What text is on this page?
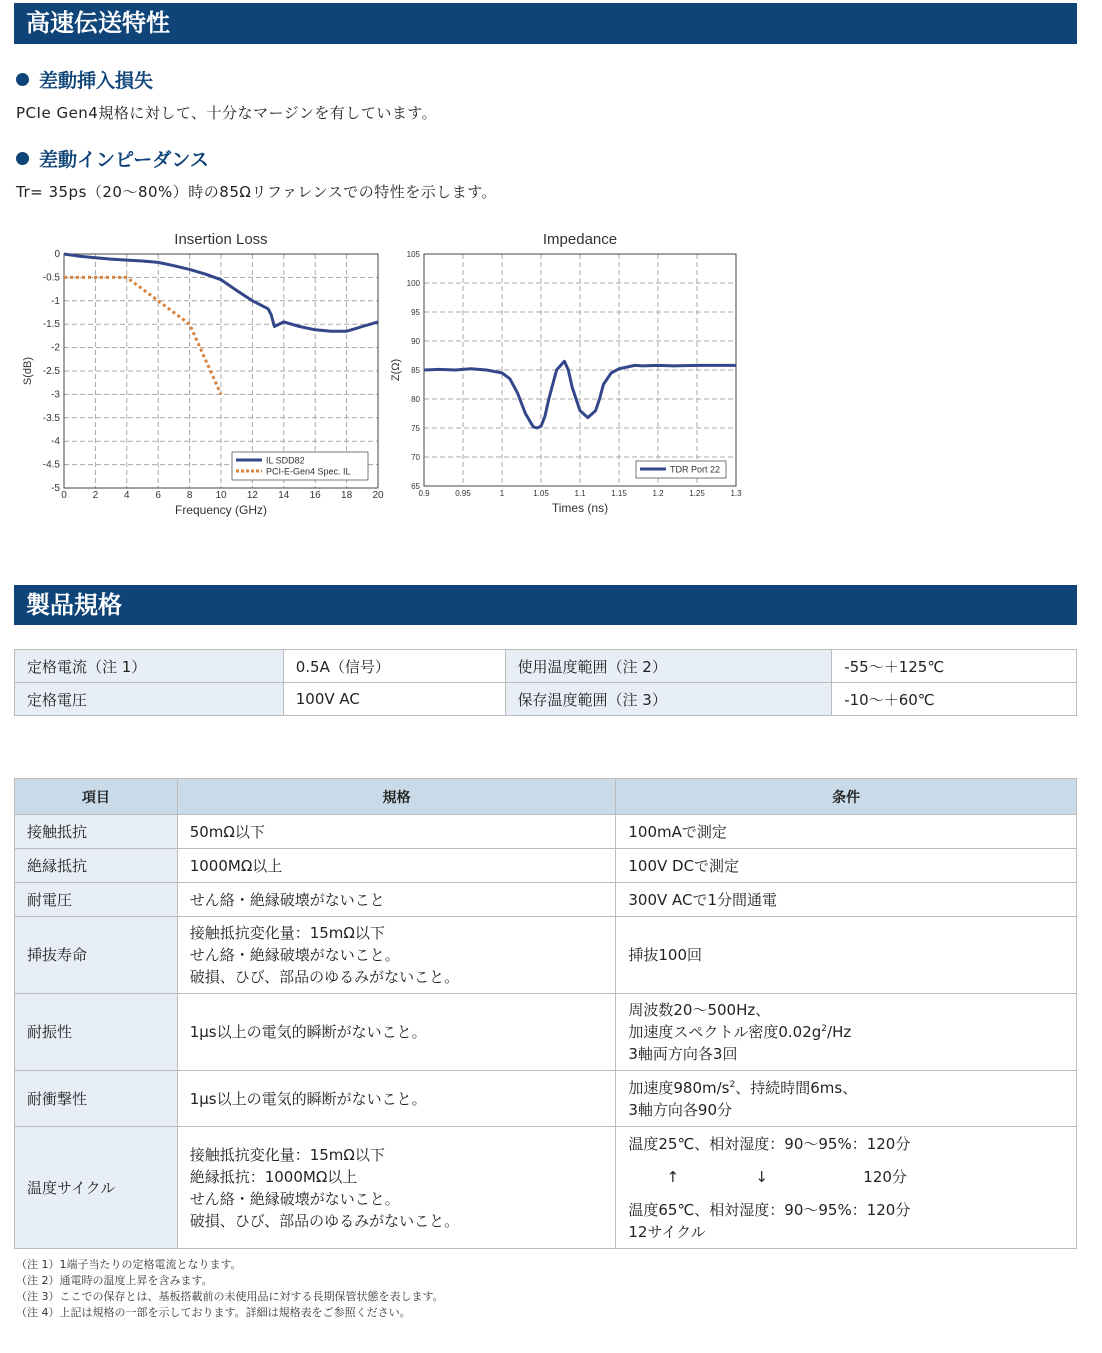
高速伝送特性
差動挿入損失
PCIe Gen4規格に対して、十分なマージンを有しています。
差動インピーダンス
Tr= 35ps（20～80%）時の85Ωリファレンスでの特性を示します。
Insertion Loss
0	2	4	6	8 10 12 14 16 18 20
0
-0.5
-1
-1.5
-2
-2.5
-3
-3.5
-4
-4.5
-5
Frequency (GHz)
S(dB)
IL SDD82
PCI-E-Gen4 Spec. IL
Impedance
0.9	0.95	1	1.05	1.1	1.15	1.2	1.25	1.3
65
70
75
80
85
90
95
100
105
Times (ns)
Z(Ω)
TDR Port 22
製品規格
定格電流（注 1）	0.5A（信号）	使用温度範囲（注 2）	-55～＋125℃
定格電圧	100V AC	保存温度範囲（注 3）	-10～＋60℃
項目	規格	条件
接触抵抗	50mΩ以下	100mAで測定

絶縁抵抗	1000MΩ以上	100V DCで測定

耐電圧	せん絡・絶縁破壊がないこと	300V ACで1分間通電

挿抜寿命	接触抵抗変化量：15mΩ以下
せん絡・絶縁破壊がないこと。
破損、ひび、部品のゆるみがないこと。	挿抜100回

耐振性	1μs以上の電気的瞬断がないこと。	周波数20～500Hz、
加速度スペクトル密度$0.02g^2/Hz$
3軸両方向各3回

耐衝撃性	1μs以上の電気的瞬断がないこと。	加速度$980m/s^2$、持続時間6ms、
3軸方向各90分

温度サイクル	接触抵抗変化量：15mΩ以下
絶縁抵抗：1000MΩ以上
せん絡・絶縁破壊がないこと。
破損、ひび、部品のゆるみがないこと。	温度25℃、相対湿度：90～95%：120分
↑                ↓                    120分
温度65℃、相対湿度：90～95%：120分
12サイクル
（注 1）1端子当たりの定格電流となります。
（注 2）通電時の温度上昇を含みます。
（注 3）ここでの保存とは、基板搭載前の未使用品に対する長期保管状態を表します。
（注 4）上記は規格の一部を示しております。詳細は規格表をご参照ください。
